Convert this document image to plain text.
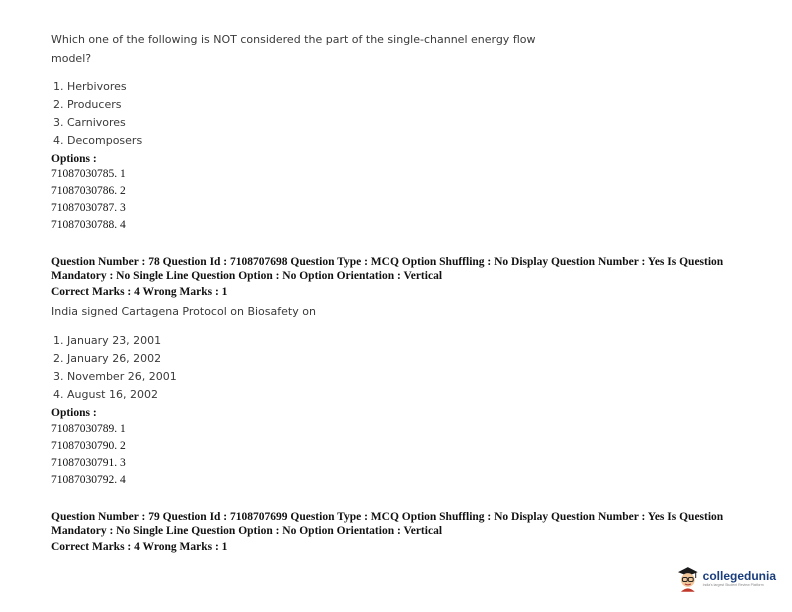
Which one of the following is NOT considered the part of the single-channel energy flow model?
1. Herbivores
2. Producers
3. Carnivores
4. Decomposers
Options :
71087030785. 1
71087030786. 2
71087030787. 3
71087030788. 4
Question Number : 78 Question Id : 7108707698 Question Type : MCQ Option Shuffling : No Display Question Number : Yes Is Question Mandatory : No Single Line Question Option : No Option Orientation : Vertical
Correct Marks : 4 Wrong Marks : 1
India signed Cartagena Protocol on Biosafety on
1. January 23, 2001
2. January 26, 2002
3. November 26, 2001
4. August 16, 2002
Options :
71087030789. 1
71087030790. 2
71087030791. 3
71087030792. 4
Question Number : 79 Question Id : 7108707699 Question Type : MCQ Option Shuffling : No Display Question Number : Yes Is Question Mandatory : No Single Line Question Option : No Option Orientation : Vertical
Correct Marks : 4 Wrong Marks : 1
collegedunia
India's largest Student Review Platform
